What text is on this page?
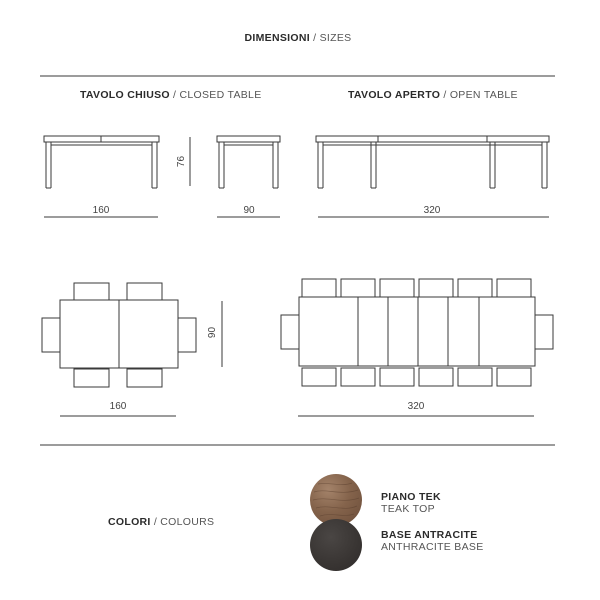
DIMENSIONI / SIZES
TAVOLO CHIUSO / CLOSED TABLE	TAVOLO APERTO / OPEN TABLE
160
76
90	320
160
90
320
COLORI / COLOURS
PIANO TEK
TEAK TOP
BASE ANTRACITE
ANTHRACITE BASE
